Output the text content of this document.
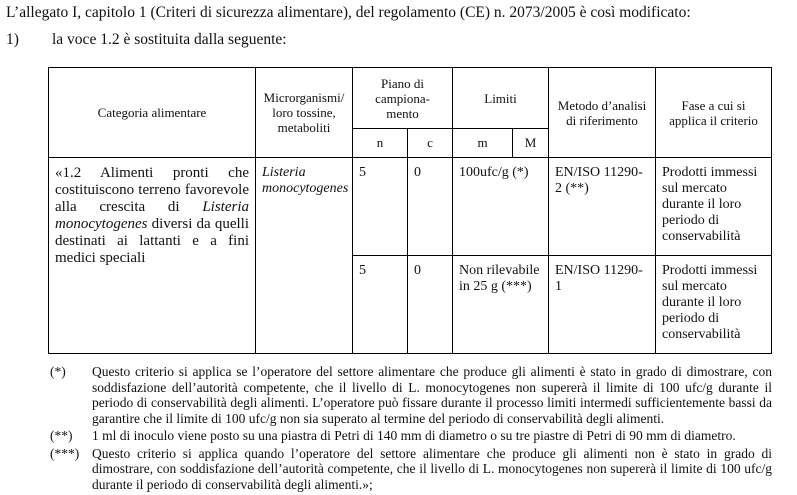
L’allegato I, capitolo 1 (Criteri di sicurezza alimentare), del regolamento (CE) n. 2073/2005 è così modificato:
1) la voce 1.2 è sostituita dalla seguente:
Categoria alimentare	Microrganismi/ loro tossine, metaboliti	Piano di campiona- mento		Limiti		Metodo d’analisi di riferimento	Fase a cui si applica il criterio
		n	c	m	M		
«1.2 Alimenti pronti che costituiscono terreno favorevole alla crescita di Listeria monocytogenes diversi da quelli destinati ai lattanti e a fini medici speciali	Listeria monocytogenes	5	0	100ufc/g (*)		EN/ISO 11290-2 (**)	Prodotti immessi sul mercato durante il loro periodo di conservabilità
		5	0	Non rilevabile in 25 g (***)		EN/ISO 11290-1	Prodotti immessi sul mercato durante il loro periodo di conservabilità
(*)	Questo criterio si applica se l’operatore del settore alimentare che produce gli alimenti è stato in grado di dimostrare, con soddisfazione dell’autorità competente, che il livello di L. monocytogenes non supererà il limite di 100 ufc/g durante il periodo di conservabilità degli alimenti. L’operatore può fissare durante il processo limiti intermedi sufficientemente bassi da garantire che il limite di 100 ufc/g non sia superato al termine del periodo di conservabilità degli alimenti.
(**)	1 ml di inoculo viene posto su una piastra di Petri di 140 mm di diametro o su tre piastre di Petri di 90 mm di diametro.
(***) Questo criterio si applica quando l’operatore del settore alimentare che produce gli alimenti non è stato in grado di dimostrare, con soddisfazione dell’autorità competente, che il livello di L. monocytogenes non supererà il limite di 100 ufc/g durante il periodo di conservabilità degli alimenti.»;
